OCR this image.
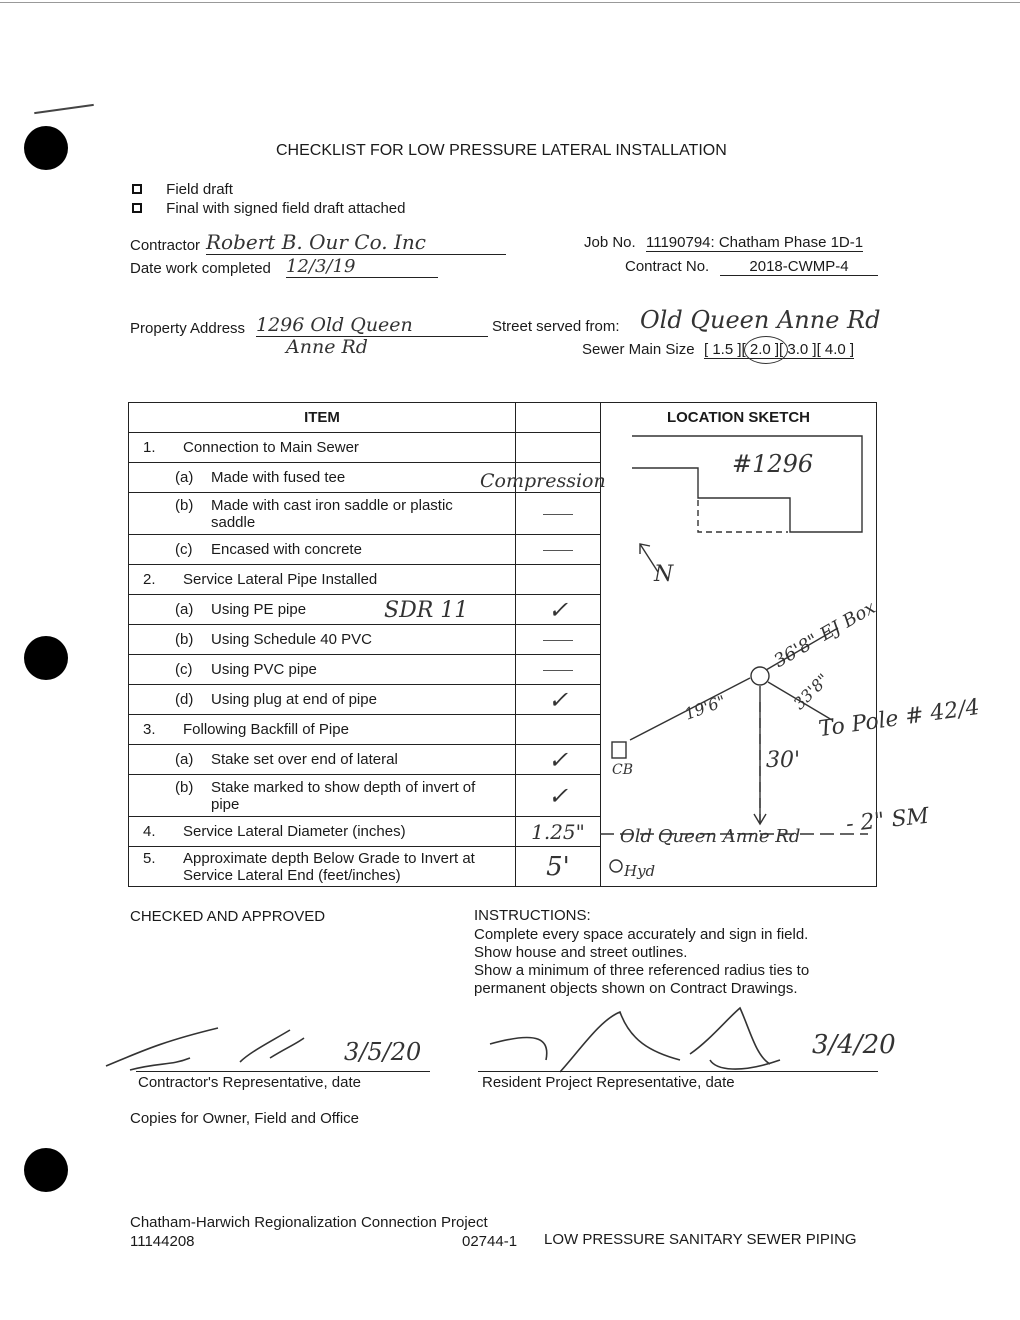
CHECKLIST FOR LOW PRESSURE LATERAL INSTALLATION
Field draft
Final with signed field draft attached
Contractor Robert B. Our Co. Inc
Date work completed 12/3/19
Job No. 11190794: Chatham Phase 1D-1
Contract No.	2018-CWMP-4
Property Address 1296 Old Queen
Anne Rd
Street served from: Old Queen Anne Rd
Sewer Main Size [ 1.5 ][ 2.0 ][ 3.0 ][ 4.0 ]
ITEM		LOCATION SKETCH
1. Connection to Main Sewer		
(a) Made with fused tee		
(b) Made with cast iron saddle or plastic saddle		
(c) Encased with concrete		
2. Service Lateral Pipe Installed		
(a) Using PE pipe	✓	
(b) Using Schedule 40 PVC		
(c) Using PVC pipe		
(d) Using plug at end of pipe	✓	
3. Following Backfill of Pipe		
(a) Stake set over end of lateral	✓	
(b) Stake marked to show depth of invert of pipe	✓	
4. Service Lateral Diameter (inches)	1.25"	
5. Approximate depth Below Grade to Invert at Service Lateral End (feet/inches)	5'	
Compression
SDR 11
#1296
N
36'8" EJ Box
33'8"
19'6"	To Pole # 42/4
30'
CB
Old Queen Anne Rd - 2" SM
Hyd
CHECKED AND APPROVED	INSTRUCTIONS:
Complete every space accurately and sign in field.
Show house and street outlines.
Show a minimum of three referenced radius ties to
permanent objects shown on Contract Drawings.
3/5/20
Contractor's Representative, date
3/4/20
Resident Project Representative, date
Copies for Owner, Field and Office
Chatham-Harwich Regionalization Connection Project
11144208	02744-1 LOW PRESSURE SANITARY SEWER PIPING
